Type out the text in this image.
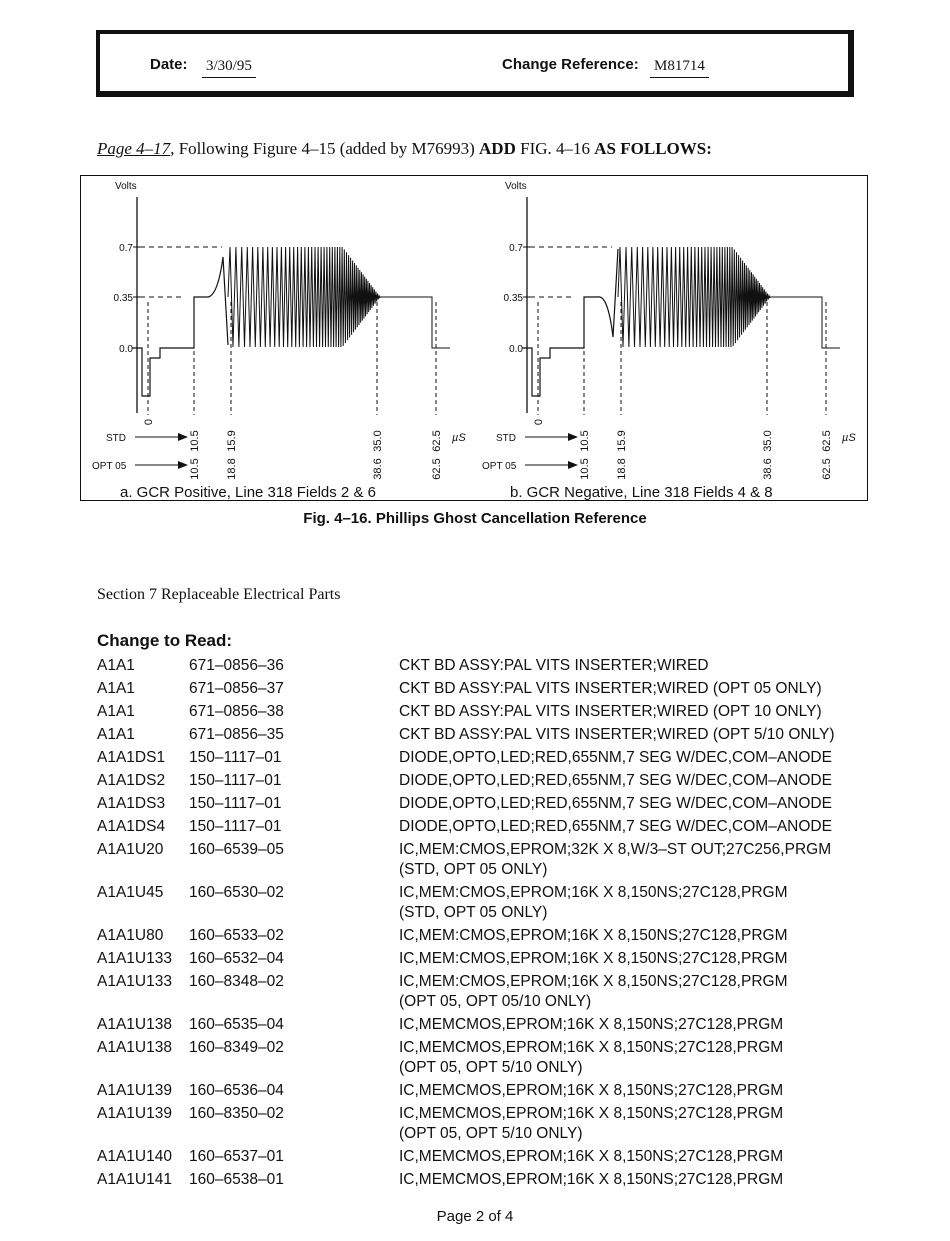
Date: 3/30/95	Change Reference: M81714
Page 4–17, Following Figure 4–15 (added by M76993) ADD FIG. 4–16 AS FOLLOWS:
Volts
0.7
0.35
0.0
STD
0
10.5 15.9	35.0	62.5 µS
OPT 05	10.5 18.8	38.6	62.5
a. GCR Positive, Line 318 Fields 2 & 6
Volts
0.7
0.35
0.0
STD
0
10.5 15.9	35.0	62.5 µS
OPT 05	10.5 18.8	38.6	62.5
b. GCR Negative, Line 318 Fields 4 & 8
Fig. 4–16. Phillips Ghost Cancellation Reference
Section 7 Replaceable Electrical Parts
Change to Read:
A1A1	671–0856–36	CKT BD ASSY:PAL VITS INSERTER;WIRED
A1A1	671–0856–37	CKT BD ASSY:PAL VITS INSERTER;WIRED (OPT 05 ONLY)
A1A1	671–0856–38	CKT BD ASSY:PAL VITS INSERTER;WIRED (OPT 10 ONLY)
A1A1	671–0856–35	CKT BD ASSY:PAL VITS INSERTER;WIRED (OPT 5/10 ONLY)
A1A1DS1	150–1117–01	DIODE,OPTO,LED;RED,655NM,7 SEG W/DEC,COM–ANODE
A1A1DS2	150–1117–01	DIODE,OPTO,LED;RED,655NM,7 SEG W/DEC,COM–ANODE
A1A1DS3	150–1117–01	DIODE,OPTO,LED;RED,655NM,7 SEG W/DEC,COM–ANODE
A1A1DS4	150–1117–01	DIODE,OPTO,LED;RED,655NM,7 SEG W/DEC,COM–ANODE
A1A1U20	160–6539–05	IC,MEM:CMOS,EPROM;32K X 8,W/3–ST OUT;27C256,PRGM
(STD, OPT 05 ONLY)
A1A1U45	160–6530–02	IC,MEM:CMOS,EPROM;16K X 8,150NS;27C128,PRGM
(STD, OPT 05 ONLY)
A1A1U80	160–6533–02	IC,MEM:CMOS,EPROM;16K X 8,150NS;27C128,PRGM
A1A1U133	160–6532–04	IC,MEM:CMOS,EPROM;16K X 8,150NS;27C128,PRGM
A1A1U133	160–8348–02	IC,MEM:CMOS,EPROM;16K X 8,150NS;27C128,PRGM
(OPT 05, OPT 05/10 ONLY)
A1A1U138	160–6535–04	IC,MEMCMOS,EPROM;16K X 8,150NS;27C128,PRGM
A1A1U138	160–8349–02	IC,MEMCMOS,EPROM;16K X 8,150NS;27C128,PRGM
(OPT 05, OPT 5/10 ONLY)
A1A1U139	160–6536–04	IC,MEMCMOS,EPROM;16K X 8,150NS;27C128,PRGM
A1A1U139	160–8350–02	IC,MEMCMOS,EPROM;16K X 8,150NS;27C128,PRGM
(OPT 05, OPT 5/10 ONLY)
A1A1U140	160–6537–01	IC,MEMCMOS,EPROM;16K X 8,150NS;27C128,PRGM
A1A1U141	160–6538–01	IC,MEMCMOS,EPROM;16K X 8,150NS;27C128,PRGM
Page 2 of 4
